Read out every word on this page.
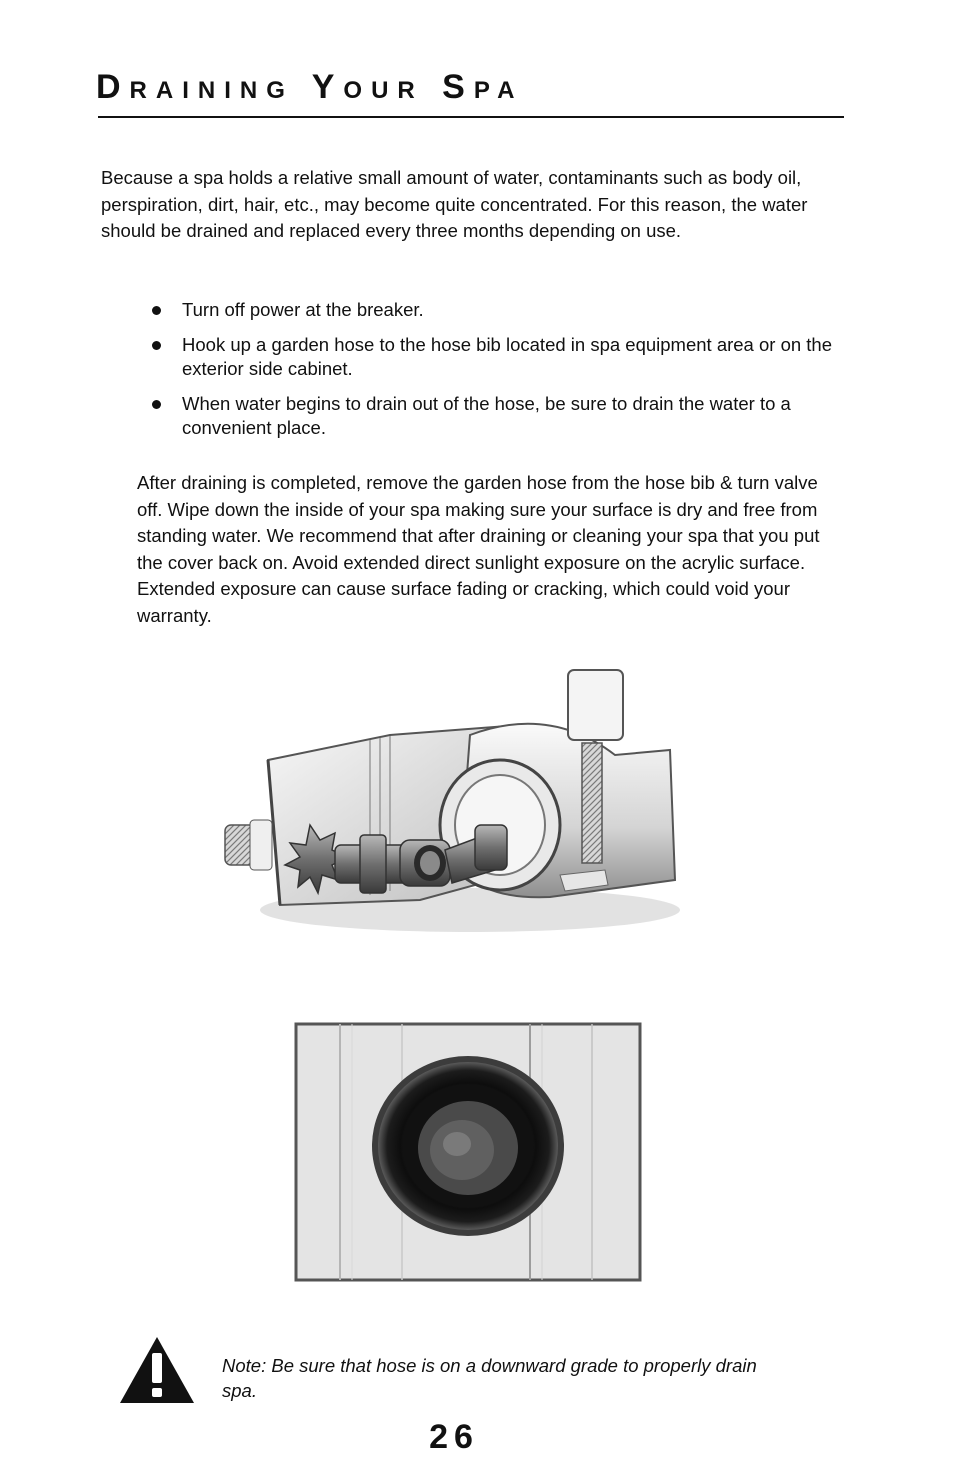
Draining Your Spa

Because a spa holds a relative small amount of water, contaminants such as body oil, perspiration, dirt, hair, etc., may become quite concentrated. For this reason, the water should be drained and replaced every three months depending on use.

Turn off power at the breaker.
Hook up a garden hose to the hose bib located in spa equipment area or on the exterior side cabinet.
When water begins to drain out of the hose, be sure to drain the water to a convenient place.

After draining is completed, remove the garden hose from the hose bib & turn valve off. Wipe down the inside of your spa making sure your surface is dry and free from standing water. We recommend that after draining or cleaning your spa that you put the cover back on. Avoid extended direct sunlight exposure on the acrylic surface. Extended exposure can cause surface fading or cracking, which could void your warranty.

Note: Be sure that hose is on a downward grade to properly drain spa.

26
